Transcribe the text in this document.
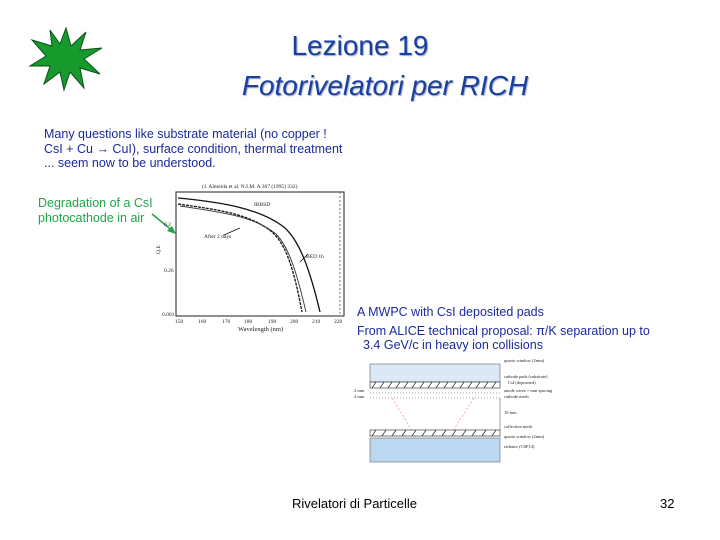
Lezione 19
Fotorivelatori per RICH
Many questions like substrate material (no copper !
CsI + Cu → CuI), surface condition, thermal treatment
... seem now to be understood.
Degradation of a CsI
photocathode in air
(J. Almeida et al. N.I.M. A 367 (1995) 332)
Q.E
0.2
0.26
0.001
150	160	170	180	190	200	210	220
Wavelength (nm)
IBBSD
After 2 days
BED 1h
A MWPC with CsI deposited pads
From ALICE technical proposal: π/K separation up to
3.4 GeV/c in heavy ion collisions
2 mm
2 mm
quartz window (2mm)
cathode pads (substrate)
CsI (deposited)
anode wires + mm spacing
cathode mesh
10 mm
collection mesh
quartz window (2mm)
radiator (C6F14)
Rivelatori di Particelle	32
